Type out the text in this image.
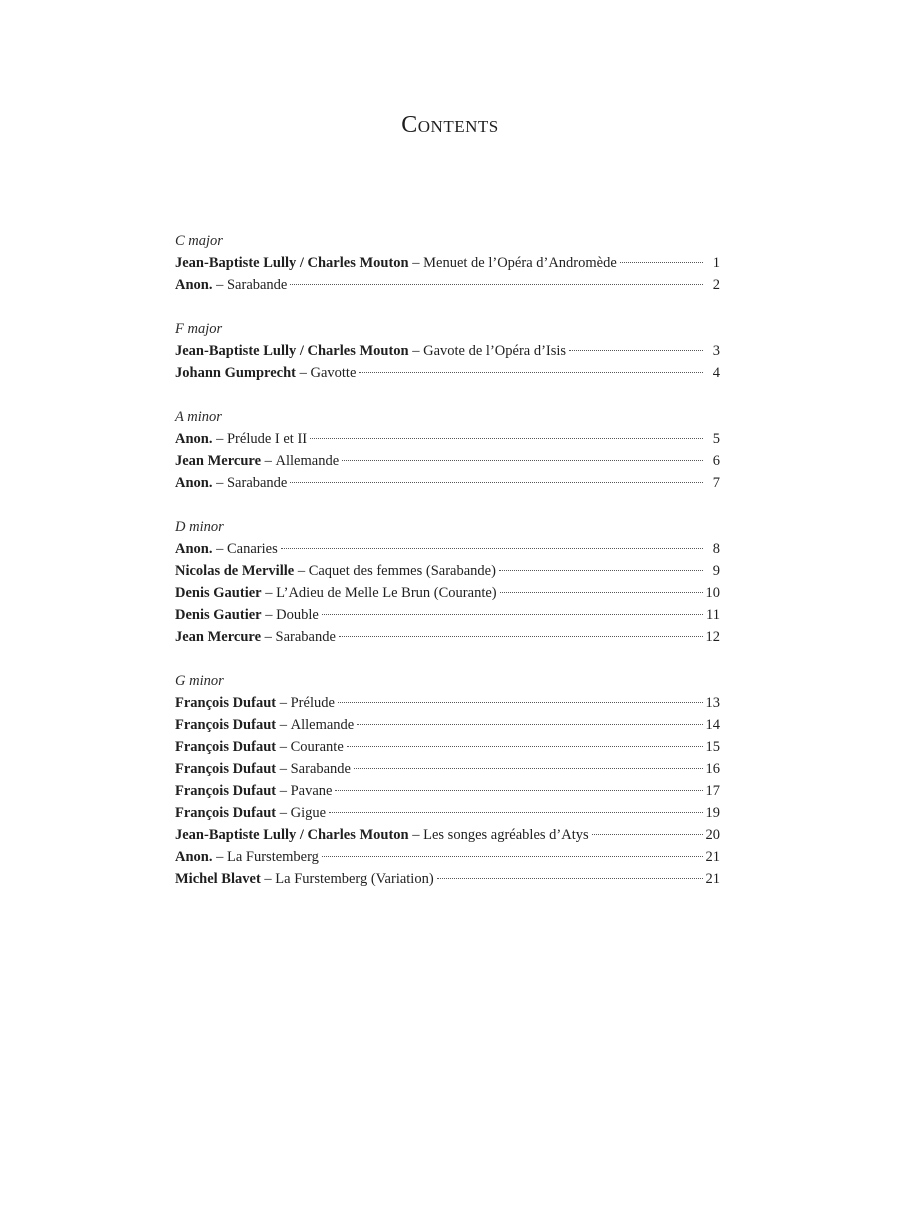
Contents
C major
Jean-Baptiste Lully / Charles Mouton – Menuet de l’Opéra d’Andromède	1
Anon. – Sarabande	2
F major
Jean-Baptiste Lully / Charles Mouton – Gavote de l’Opéra d’Isis	3
Johann Gumprecht – Gavotte	4
A minor
Anon. – Prélude I et II	5
Jean Mercure – Allemande	6
Anon. – Sarabande	7
D minor
Anon. – Canaries	8
Nicolas de Merville – Caquet des femmes (Sarabande)	9
Denis Gautier – L’Adieu de Melle Le Brun (Courante)	10
Denis Gautier – Double	11
Jean Mercure – Sarabande	12
G minor
François Dufaut – Prélude	13
François Dufaut – Allemande	14
François Dufaut – Courante	15
François Dufaut – Sarabande	16
François Dufaut – Pavane	17
François Dufaut – Gigue	19
Jean-Baptiste Lully / Charles Mouton – Les songes agréables d’Atys	20
Anon. – La Furstemberg	21
Michel Blavet – La Furstemberg (Variation)	21
